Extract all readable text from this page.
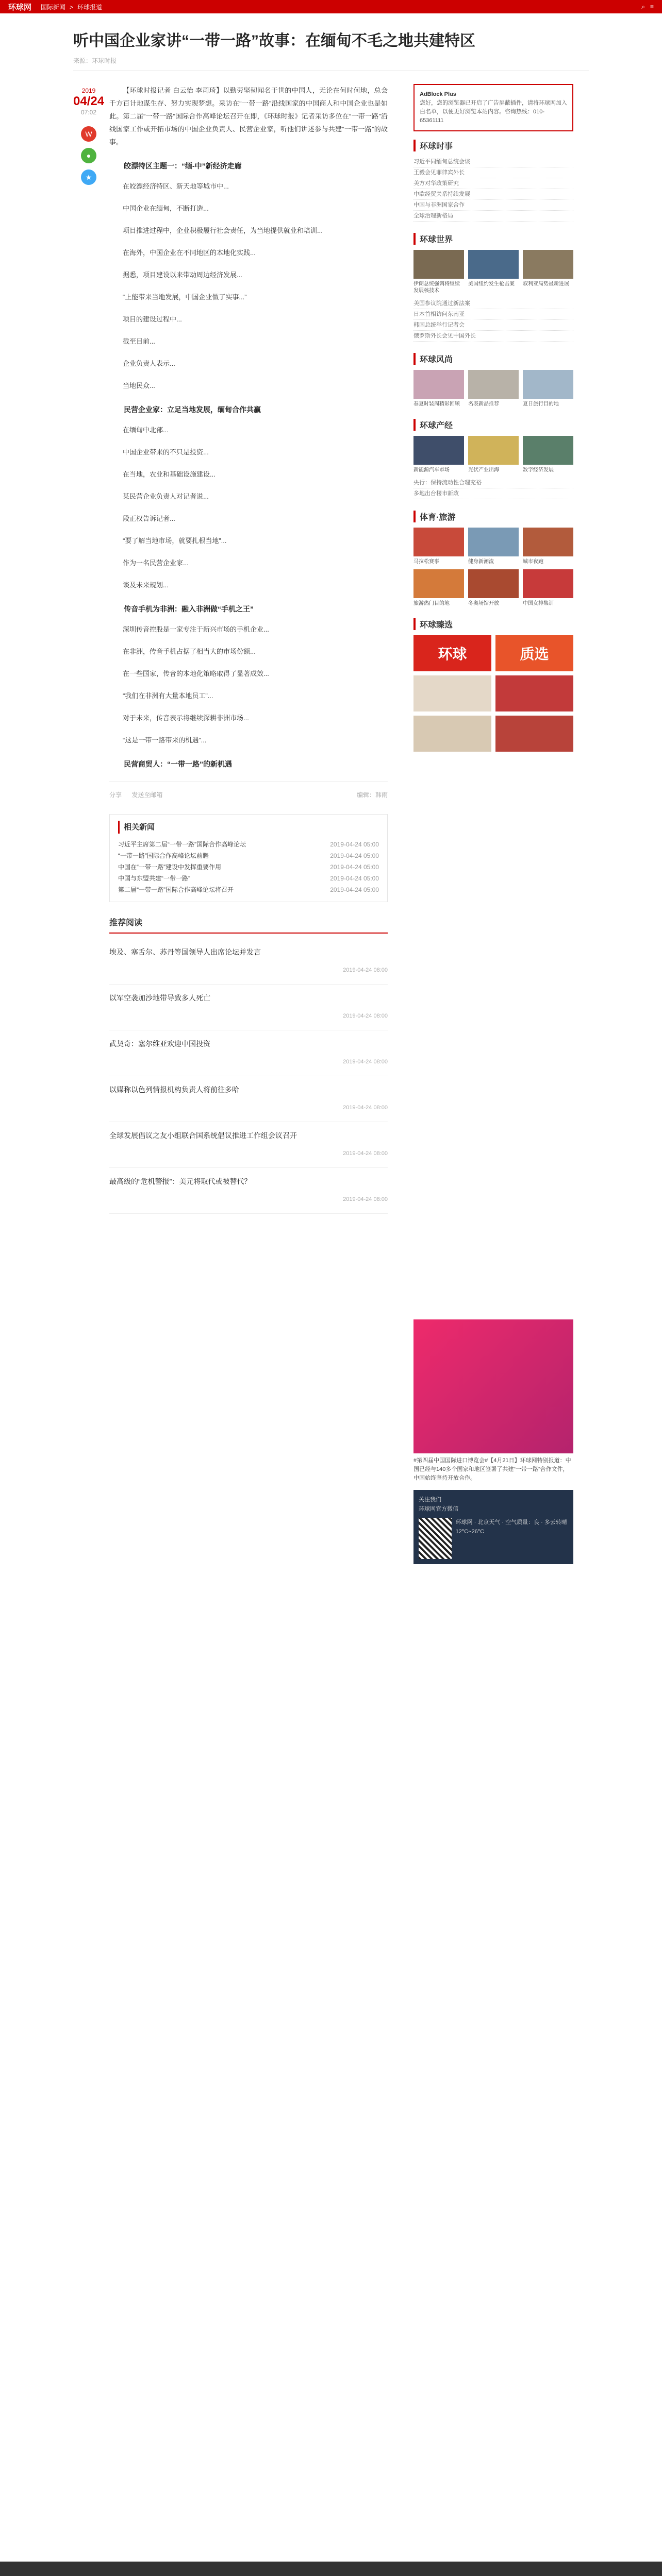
环球网	国际新闻 > 环球报道	⌕ ≡
听中国企业家讲“一带一路”故事：在缅甸不毛之地共建特区
来源：环球时报
2019
04/24
07:02
W
●
★

【环球时报记者 白云怡 李司琦】以勤劳坚韧闻名于世的中国人，无论在何时何地，总会千方百计地谋生存、努力实现梦想。采访在“一带一路”沿线国家的中国商人和中国企业也是如此。第二届“一带一路”国际合作高峰论坛召开在即，《环球时报》记者采访多位在“一带一路”沿线国家工作或开拓市场的中国企业负责人、民营企业家，听他们讲述参与共建“一带一路”的故事。

皎漂特区主题一：“缅-中”新经济走廊

在皎漂经济特区、新天地等城市中...

中国企业在缅甸，不断打造...

项目推进过程中，企业积极履行社会责任，为当地提供就业和培训...

在海外，中国企业在不同地区的本地化实践...

据悉，项目建设以来带动周边经济发展...

“上能带来当地发展，中国企业做了实事...”

项目的建设过程中...

截至目前...

企业负责人表示...

当地民众...

民营企业家：立足当地发展，缅甸合作共赢

在缅甸中北部...

中国企业带来的不只是投资...

在当地，农业和基础设施建设...

某民营企业负责人对记者说...

段正权告诉记者...

“要了解当地市场，就要扎根当地”...

作为一名民营企业家...

谈及未来规划...

传音手机为非洲：融入非洲做“手机之王”

深圳传音控股是一家专注于新兴市场的手机企业...

在非洲，传音手机占据了相当大的市场份额...

在一些国家，传音的本地化策略取得了显著成效...

“我们在非洲有大量本地员工”...

对于未来，传音表示将继续深耕非洲市场...

“这是一带一路带来的机遇”...

民营商贸人：“一带一路”的新机遇
分享 发送至邮箱	编辑：韩雨
相关新闻
习近平主席第二届“一带一路”国际合作高峰论坛	2019-04-24 05:00
“一带一路”国际合作高峰论坛前瞻	2019-04-24 05:00
中国在“一带一路”建设中发挥重要作用	2019-04-24 05:00
中国与东盟共建“一带一路”	2019-04-24 05:00
第二届“一带一路”国际合作高峰论坛将召开	2019-04-24 05:00
推荐阅读
埃及、塞舌尔、苏丹等国领导人出席论坛并发言
2019-04-24 08:00
以军空袭加沙地带导致多人死亡
2019-04-24 08:00
武契奇：塞尔维亚欢迎中国投资
2019-04-24 08:00
以媒称以色列情报机构负责人将前往多哈
2019-04-24 08:00
全球发展倡议之友小组联合国系统倡议推进工作组会议召开
2019-04-24 08:00
最高级的“危机警报”：美元将取代或被替代？
2019-04-24 08:00
AdBlock Plus
您好，您的浏览器已开启了广告屏蔽插件，请将环球网加入白名单，以便更好浏览本站内容。咨询热线：010-65361111
环球时事
习近平同缅甸总统会谈
王毅会见菲律宾外长
美方对华政策研究
中欧经贸关系持续发展
中国与非洲国家合作
全球治理新格局
环球世界
伊朗总统强调将继续发展核技术
美国纽约发生枪击案	叙利亚局势最新进展
美国参议院通过新法案
日本首相访问东南亚
韩国总统举行记者会
俄罗斯外长会见中国外长
环球风尚
春夏时装周精彩回顾	名表新品推荐	夏日旅行目的地
环球产经
新能源汽车市场	光伏产业出海	数字经济发展
央行：保持流动性合理充裕
多地出台楼市新政
体育·旅游
马拉松赛事	健身新潮流	城市夜跑
旅游热门目的地	冬奥场馆开放	中国女排集训
环球臻选
环球	质选
#第四届中国国际进口博览会#【4月21日】环球网特别报道：中国已经与140多个国家和地区签署了共建“一带一路”合作文件，中国始终坚持开放合作。
关注我们
环球网官方微信
环球网 · 北京天气 · 空气质量：良 · 多云转晴 12°C~26°C
